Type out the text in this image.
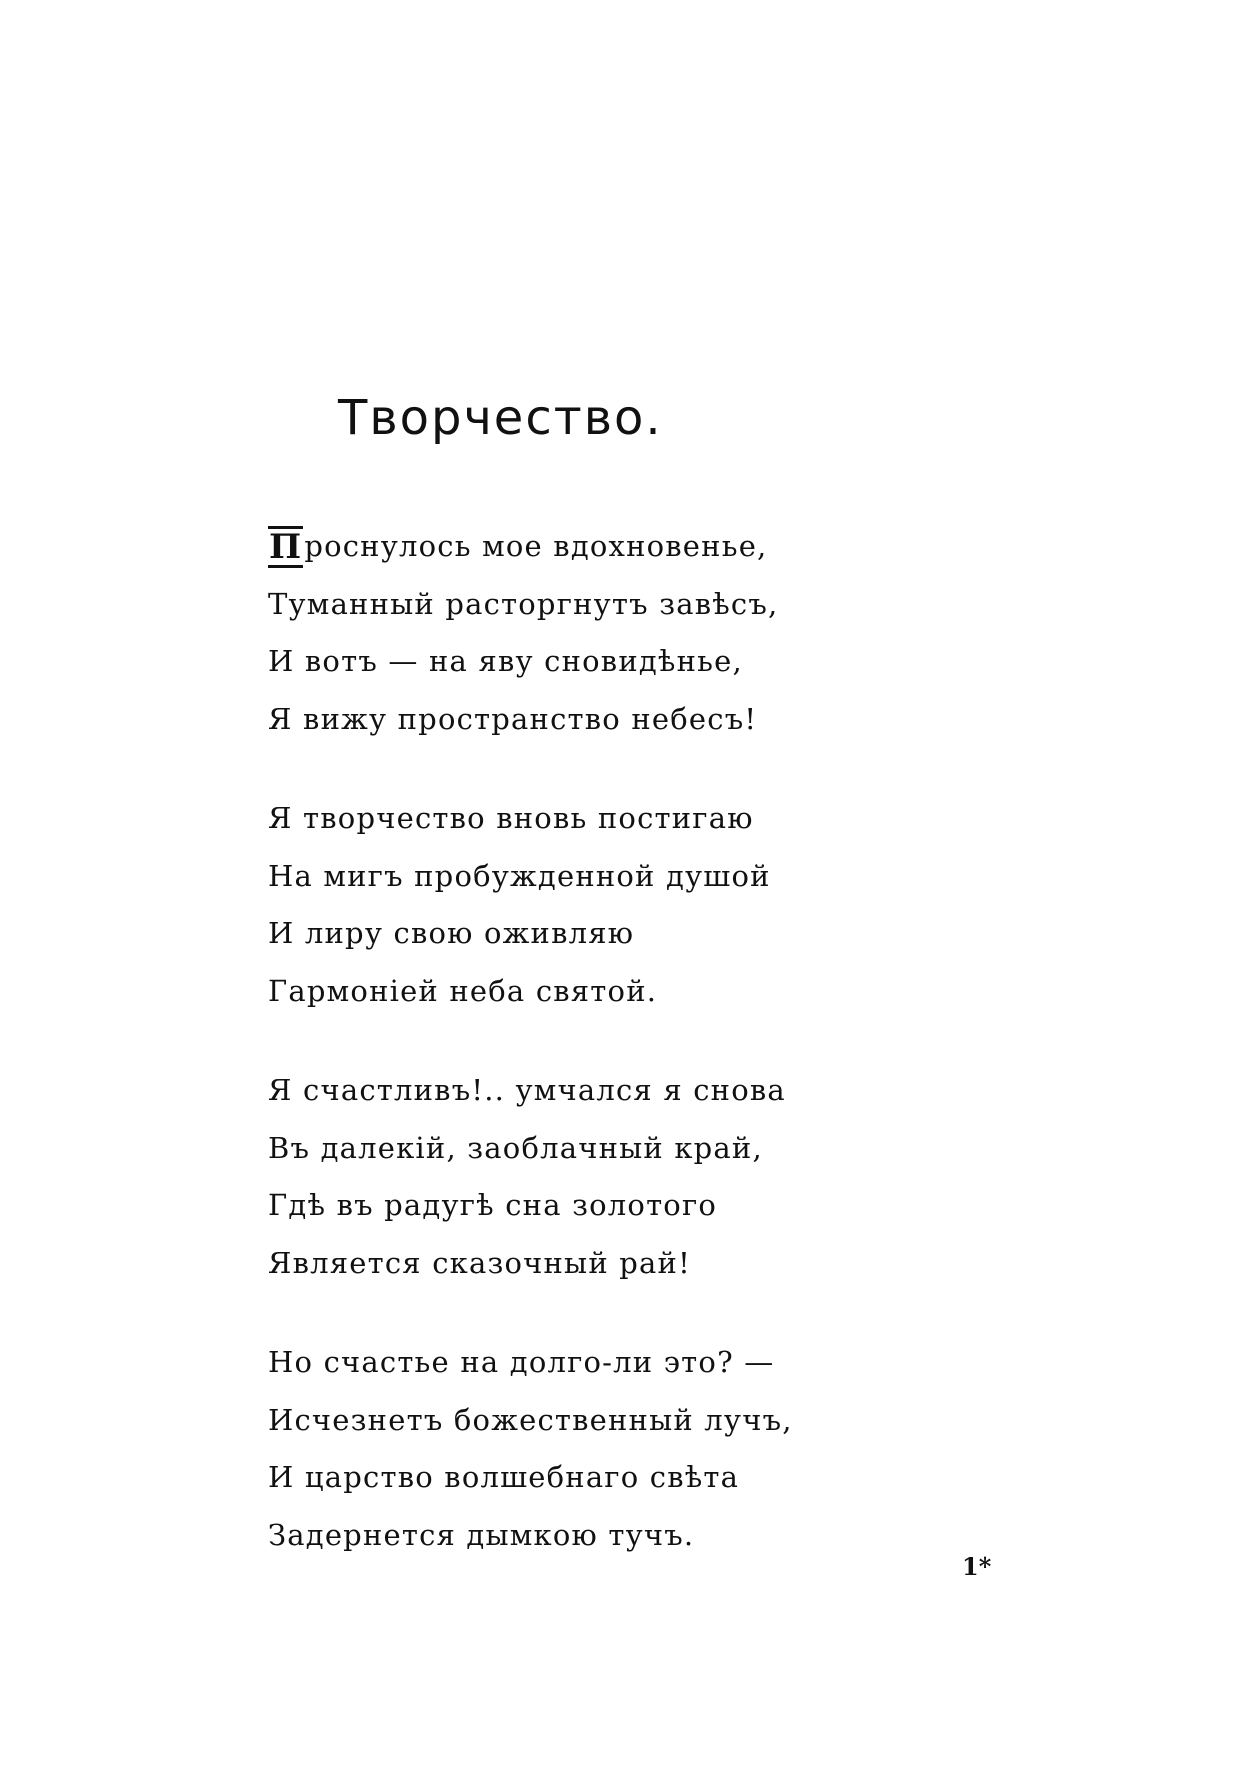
Творчество.
Проснулось мое вдохновенье,
Туманный расторгнутъ завѣсъ,
И вотъ — на яву сновидѣнье,
Я вижу пространство небесъ!
Я творчество вновь постигаю
На мигъ пробужденной душой
И лиру свою оживляю
Гармоніей неба святой.
Я счастливъ!.. умчался я снова
Въ далекій, заоблачный край,
Гдѣ въ радугѣ сна золотого
Является сказочный рай!
Но счастье на долго-ли это? —
Исчезнетъ божественный лучъ,
И царство волшебнаго свѣта
Задернется дымкою тучъ.
1*
